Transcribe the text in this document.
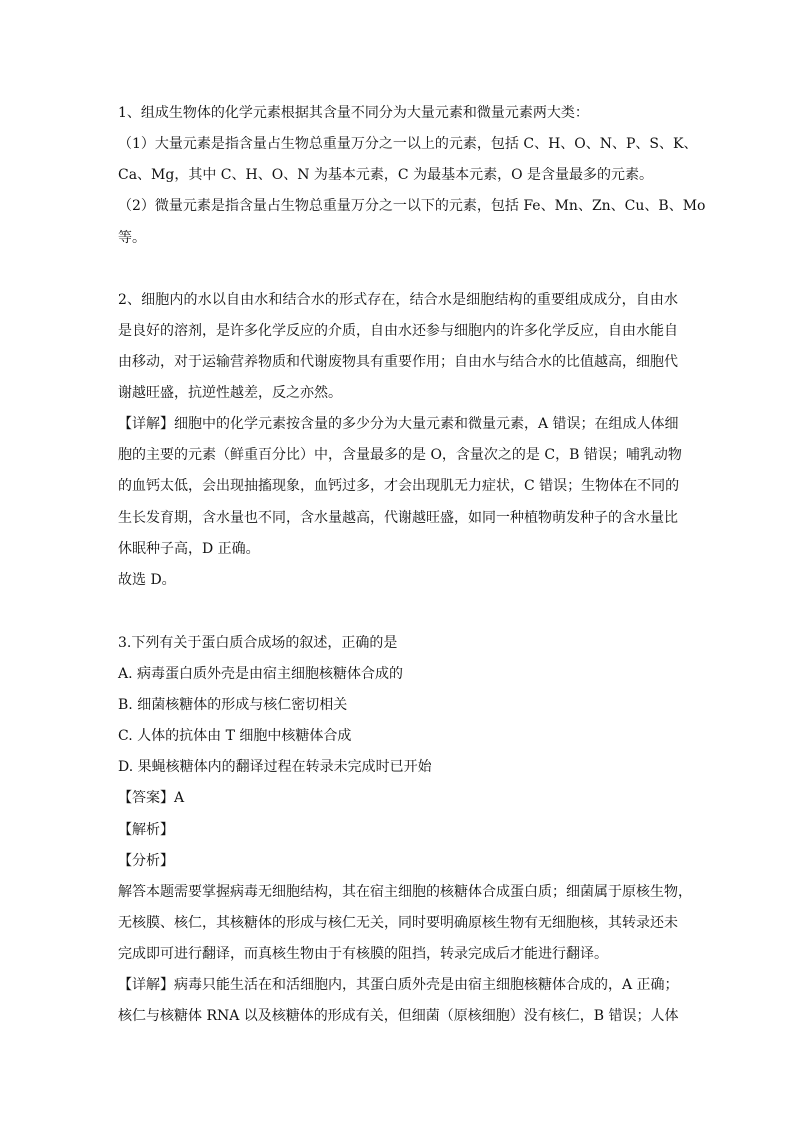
1、组成生物体的化学元素根据其含量不同分为大量元素和微量元素两大类：
（1）大量元素是指含量占生物总重量万分之一以上的元素，包括 C、H、O、N、P、S、K、
Ca、Mg，其中 C、H、O、N 为基本元素，C 为最基本元素，O 是含量最多的元素。
（2）微量元素是指含量占生物总重量万分之一以下的元素，包括 Fe、Mn、Zn、Cu、B、Mo
等。
2、细胞内的水以自由水和结合水的形式存在，结合水是细胞结构的重要组成成分，自由水
是良好的溶剂，是许多化学反应的介质，自由水还参与细胞内的许多化学反应，自由水能自
由移动，对于运输营养物质和代谢废物具有重要作用；自由水与结合水的比值越高，细胞代
谢越旺盛，抗逆性越差，反之亦然。
【详解】细胞中的化学元素按含量的多少分为大量元素和微量元素，A 错误；在组成人体细
胞的主要的元素（鲜重百分比）中，含量最多的是 O，含量次之的是 C，B 错误；哺乳动物
的血钙太低，会出现抽搐现象，血钙过多，才会出现肌无力症状，C 错误；生物体在不同的
生长发育期，含水量也不同，含水量越高，代谢越旺盛，如同一种植物萌发种子的含水量比
休眠种子高，D 正确。
故选 D。
3.下列有关于蛋白质合成场的叙述，正确的是
A. 病毒蛋白质外壳是由宿主细胞核糖体合成的
B. 细菌核糖体的形成与核仁密切相关
C. 人体的抗体由 T 细胞中核糖体合成
D. 果蝇核糖体内的翻译过程在转录未完成时已开始
【答案】A
【解析】
【分析】
解答本题需要掌握病毒无细胞结构，其在宿主细胞的核糖体合成蛋白质；细菌属于原核生物，
无核膜、核仁，其核糖体的形成与核仁无关，同时要明确原核生物有无细胞核，其转录还未
完成即可进行翻译，而真核生物由于有核膜的阻挡，转录完成后才能进行翻译。
【详解】病毒只能生活在和活细胞内，其蛋白质外壳是由宿主细胞核糖体合成的，A 正确；
核仁与核糖体 RNA 以及核糖体的形成有关，但细菌（原核细胞）没有核仁，B 错误；人体
